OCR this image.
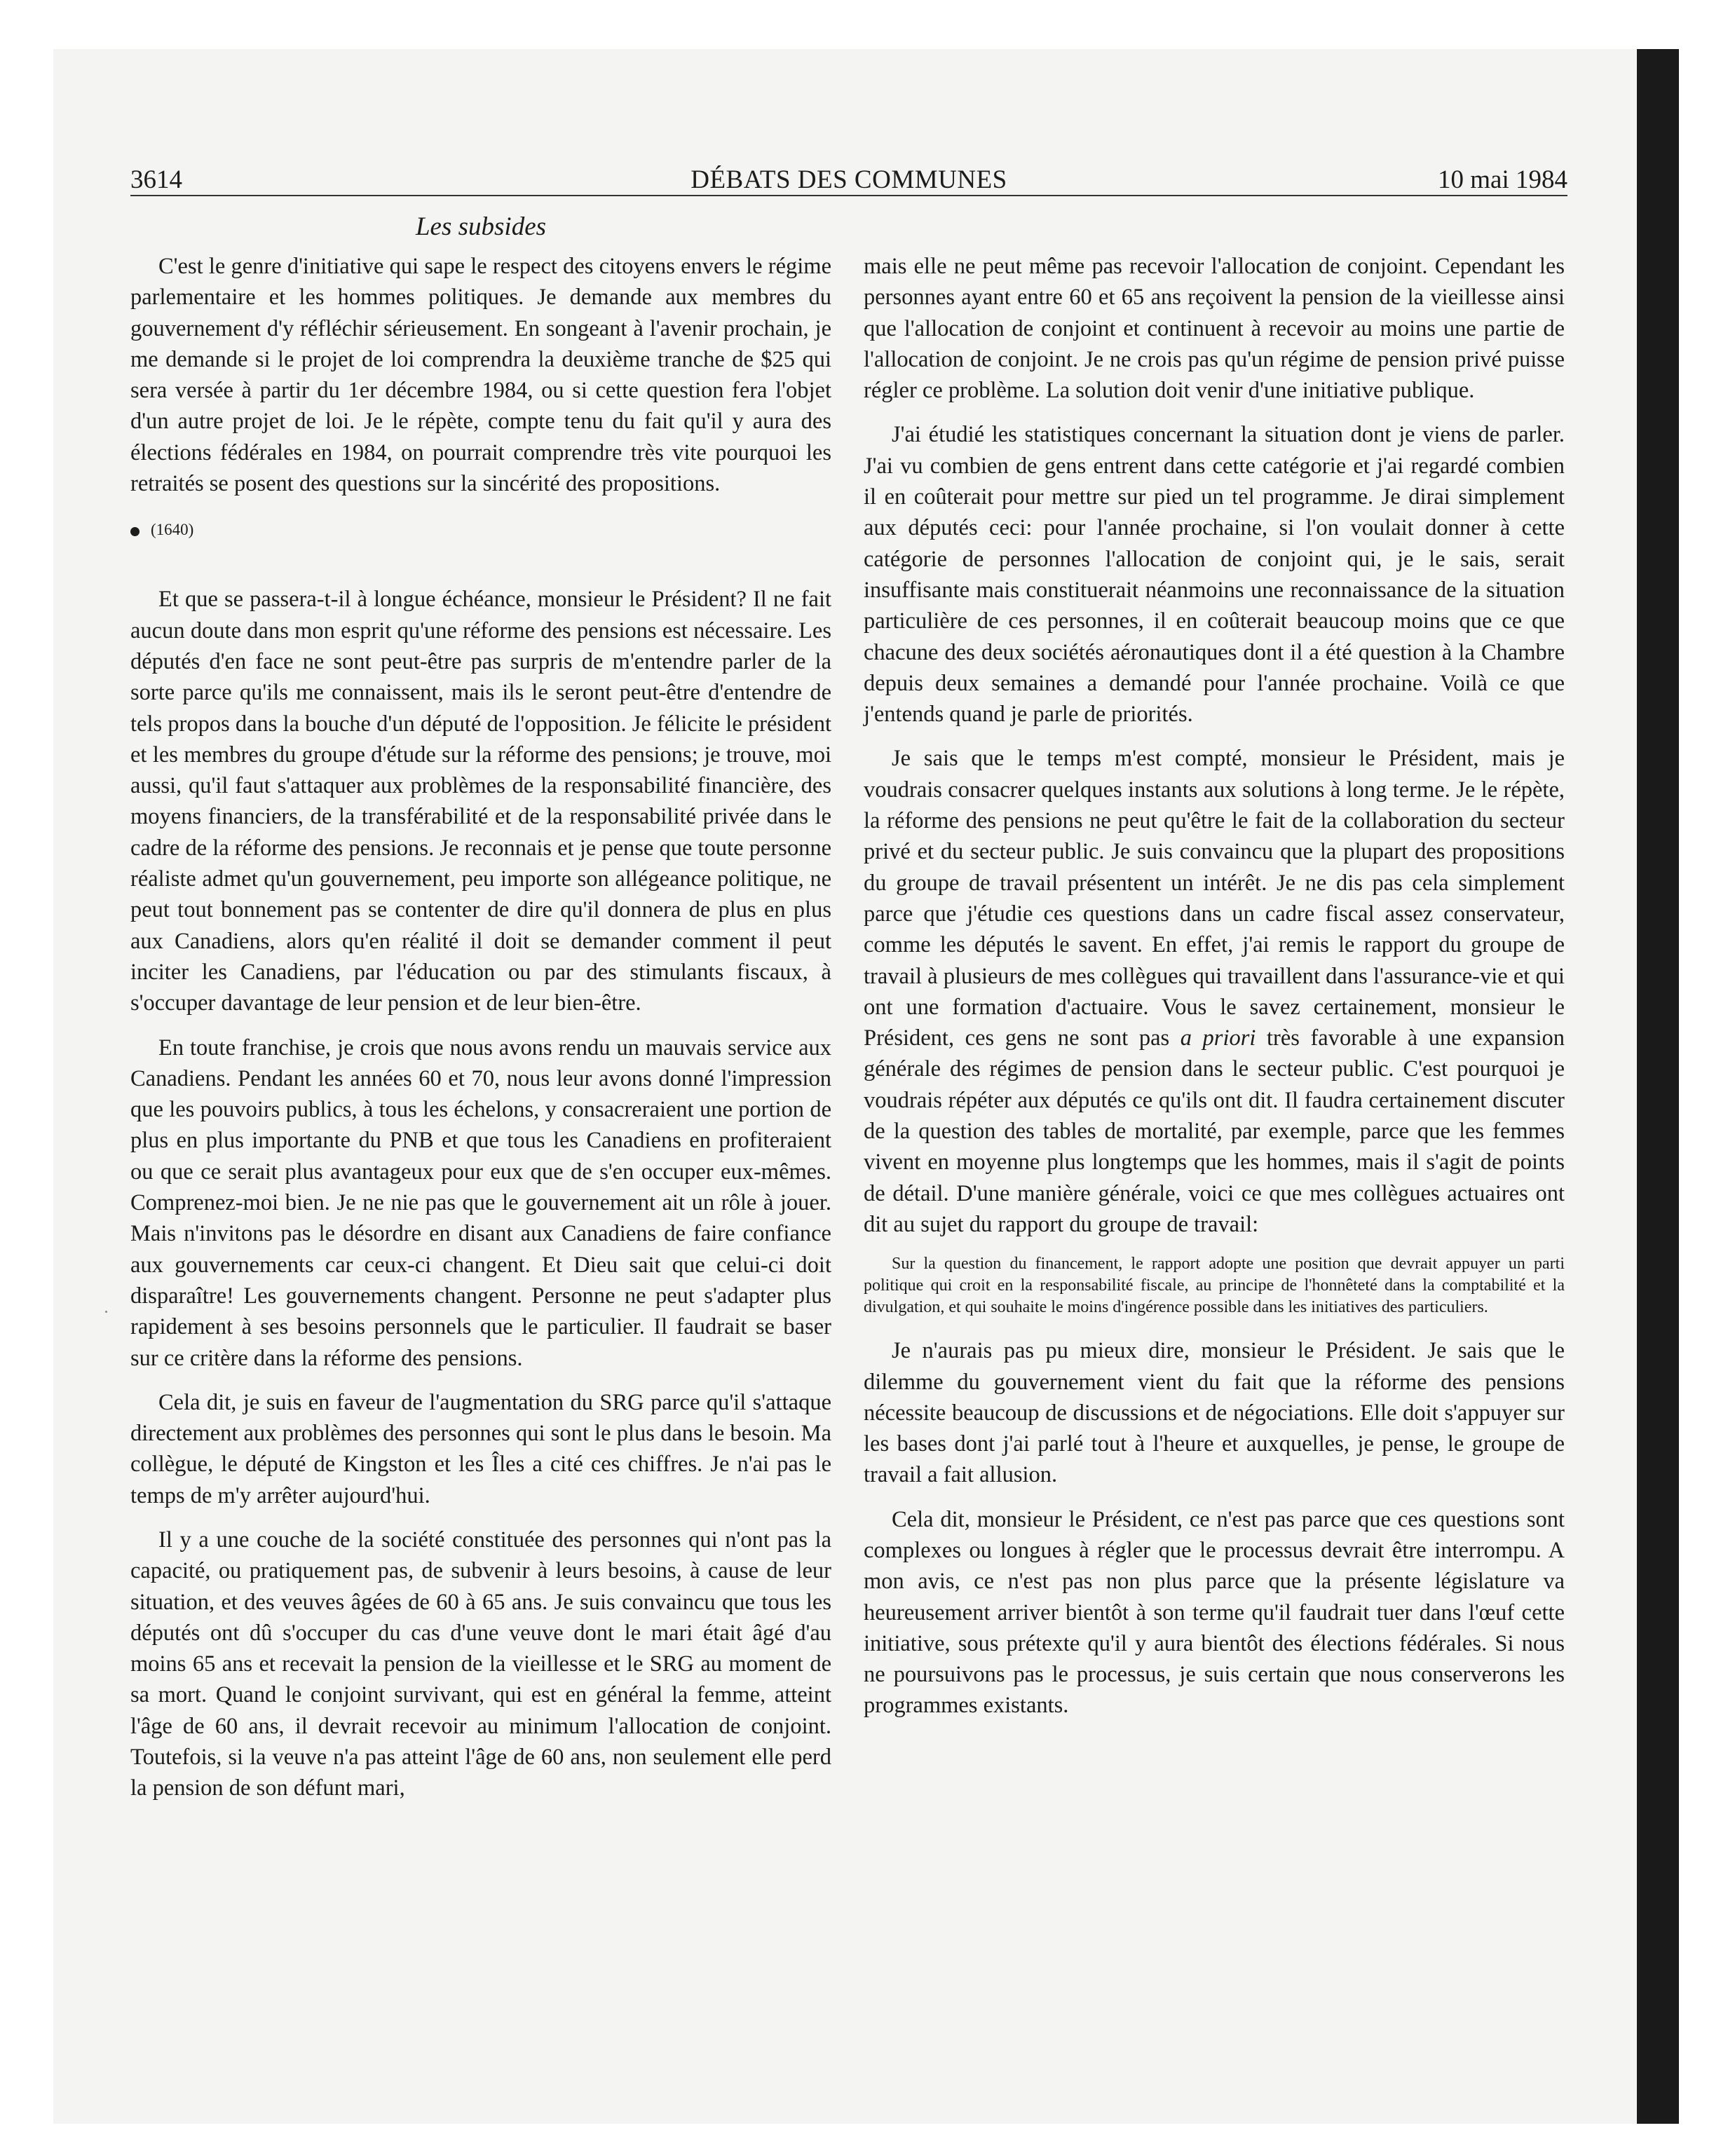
3614	DÉBATS DES COMMUNES	10 mai 1984
Les subsides

C'est le genre d'initiative qui sape le respect des citoyens envers le régime parlementaire et les hommes politiques. Je demande aux membres du gouvernement d'y réfléchir sérieusement. En songeant à l'avenir prochain, je me demande si le projet de loi comprendra la deuxième tranche de $25 qui sera versée à partir du 1er décembre 1984, ou si cette question fera l'objet d'un autre projet de loi. Je le répète, compte tenu du fait qu'il y aura des élections fédérales en 1984, on pourrait comprendre très vite pourquoi les retraités se posent des questions sur la sincérité des propositions.

(1640)

Et que se passera-t-il à longue échéance, monsieur le Président? Il ne fait aucun doute dans mon esprit qu'une réforme des pensions est nécessaire. Les députés d'en face ne sont peut-être pas surpris de m'entendre parler de la sorte parce qu'ils me connaissent, mais ils le seront peut-être d'entendre de tels propos dans la bouche d'un député de l'opposition. Je félicite le président et les membres du groupe d'étude sur la réforme des pensions; je trouve, moi aussi, qu'il faut s'attaquer aux problèmes de la responsabilité financière, des moyens financiers, de la transférabilité et de la responsabilité privée dans le cadre de la réforme des pensions. Je reconnais et je pense que toute personne réaliste admet qu'un gouvernement, peu importe son allégeance politique, ne peut tout bonnement pas se contenter de dire qu'il donnera de plus en plus aux Canadiens, alors qu'en réalité il doit se demander comment il peut inciter les Canadiens, par l'éducation ou par des stimulants fiscaux, à s'occuper davantage de leur pension et de leur bien-être.

En toute franchise, je crois que nous avons rendu un mauvais service aux Canadiens. Pendant les années 60 et 70, nous leur avons donné l'impression que les pouvoirs publics, à tous les échelons, y consacreraient une portion de plus en plus importante du PNB et que tous les Canadiens en profiteraient ou que ce serait plus avantageux pour eux que de s'en occuper eux-mêmes. Comprenez-moi bien. Je ne nie pas que le gouvernement ait un rôle à jouer. Mais n'invitons pas le désordre en disant aux Canadiens de faire confiance aux gouvernements car ceux-ci changent. Et Dieu sait que celui-ci doit disparaître! Les gouvernements changent. Personne ne peut s'adapter plus rapidement à ses besoins personnels que le particulier. Il faudrait se baser sur ce critère dans la réforme des pensions.

Cela dit, je suis en faveur de l'augmentation du SRG parce qu'il s'attaque directement aux problèmes des personnes qui sont le plus dans le besoin. Ma collègue, le député de Kingston et les Îles a cité ces chiffres. Je n'ai pas le temps de m'y arrêter aujourd'hui.

Il y a une couche de la société constituée des personnes qui n'ont pas la capacité, ou pratiquement pas, de subvenir à leurs besoins, à cause de leur situation, et des veuves âgées de 60 à 65 ans. Je suis convaincu que tous les députés ont dû s'occuper du cas d'une veuve dont le mari était âgé d'au moins 65 ans et recevait la pension de la vieillesse et le SRG au moment de sa mort. Quand le conjoint survivant, qui est en général la femme, atteint l'âge de 60 ans, il devrait recevoir au minimum l'allocation de conjoint. Toutefois, si la veuve n'a pas atteint l'âge de 60 ans, non seulement elle perd la pension de son défunt mari,

mais elle ne peut même pas recevoir l'allocation de conjoint. Cependant les personnes ayant entre 60 et 65 ans reçoivent la pension de la vieillesse ainsi que l'allocation de conjoint et continuent à recevoir au moins une partie de l'allocation de conjoint. Je ne crois pas qu'un régime de pension privé puisse régler ce problème. La solution doit venir d'une initiative publique.

J'ai étudié les statistiques concernant la situation dont je viens de parler. J'ai vu combien de gens entrent dans cette catégorie et j'ai regardé combien il en coûterait pour mettre sur pied un tel programme. Je dirai simplement aux députés ceci: pour l'année prochaine, si l'on voulait donner à cette catégorie de personnes l'allocation de conjoint qui, je le sais, serait insuffisante mais constituerait néanmoins une reconnaissance de la situation particulière de ces personnes, il en coûterait beaucoup moins que ce que chacune des deux sociétés aéronautiques dont il a été question à la Chambre depuis deux semaines a demandé pour l'année prochaine. Voilà ce que j'entends quand je parle de priorités.

Je sais que le temps m'est compté, monsieur le Président, mais je voudrais consacrer quelques instants aux solutions à long terme. Je le répète, la réforme des pensions ne peut qu'être le fait de la collaboration du secteur privé et du secteur public. Je suis convaincu que la plupart des propositions du groupe de travail présentent un intérêt. Je ne dis pas cela simplement parce que j'étudie ces questions dans un cadre fiscal assez conservateur, comme les députés le savent. En effet, j'ai remis le rapport du groupe de travail à plusieurs de mes collègues qui travaillent dans l'assurance-vie et qui ont une formation d'actuaire. Vous le savez certainement, monsieur le Président, ces gens ne sont pas a priori très favorable à une expansion générale des régimes de pension dans le secteur public. C'est pourquoi je voudrais répéter aux députés ce qu'ils ont dit. Il faudra certainement discuter de la question des tables de mortalité, par exemple, parce que les femmes vivent en moyenne plus longtemps que les hommes, mais il s'agit de points de détail. D'une manière générale, voici ce que mes collègues actuaires ont dit au sujet du rapport du groupe de travail:

Sur la question du financement, le rapport adopte une position que devrait appuyer un parti politique qui croit en la responsabilité fiscale, au principe de l'honnêteté dans la comptabilité et la divulgation, et qui souhaite le moins d'ingérence possible dans les initiatives des particuliers.

Je n'aurais pas pu mieux dire, monsieur le Président. Je sais que le dilemme du gouvernement vient du fait que la réforme des pensions nécessite beaucoup de discussions et de négociations. Elle doit s'appuyer sur les bases dont j'ai parlé tout à l'heure et auxquelles, je pense, le groupe de travail a fait allusion.

Cela dit, monsieur le Président, ce n'est pas parce que ces questions sont complexes ou longues à régler que le processus devrait être interrompu. A mon avis, ce n'est pas non plus parce que la présente législature va heureusement arriver bientôt à son terme qu'il faudrait tuer dans l'œuf cette initiative, sous prétexte qu'il y aura bientôt des élections fédérales. Si nous ne poursuivons pas le processus, je suis certain que nous conserverons les programmes existants.
